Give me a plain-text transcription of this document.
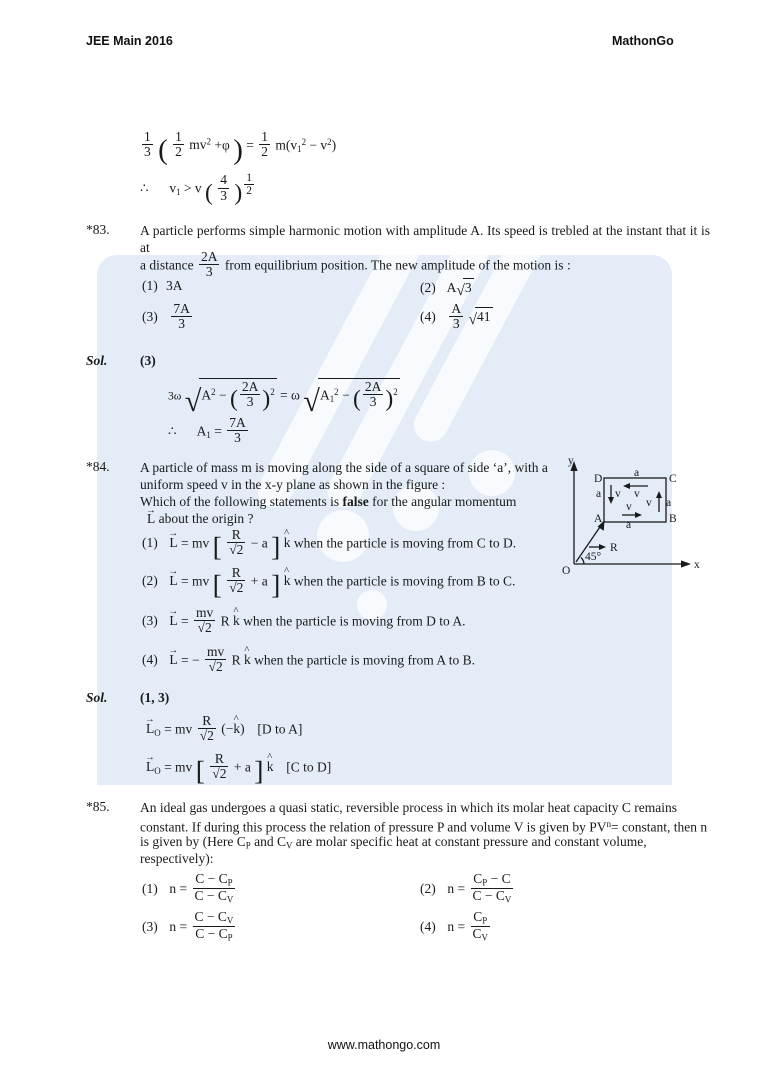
JEE Main 2016	MathonGo
$\frac{1}{3}$ ( $\frac{1}{2} mv^2 +\varphi$ ) = $\frac{1}{2} m(v_1^2 - v^2)$
∴ $v_1 > v$ ( $\frac{4}{3}$ ) $^{\frac{1}{2}}$
*83. A particle performs simple harmonic motion with amplitude A. Its speed is trebled at the instant that it is at
a distance $\frac{2A}{3}$ from equilibrium position. The new amplitude of the motion is :
(1) 3A	(2) A√3
$(3) \frac{7A}{3}$	$(4) \frac{A}{3} √41$
Sol. (3)
3ω $√A^2$ − ( $\frac{2A}{3} )^2 = \omega$ $√A_1^2$ − ( $\frac{2A}{3} )^2$
∴ $A_1 = \frac{7A}{3}$
*84. A particle of mass m is moving along the side of a square of side ‘a’, with a
uniform speed v in the x-y plane as shown in the figure :
Which of the following statements is false for the angular momentum
L → about the origin ?
y
x
O
45°
R
D	C
A	B
a
v
a v
v
a
v a
(1) L → = mv [ $\frac{R}{√2} - a$ ] k ^ when the particle is moving from C to D.
(2) L → = mv [ $\frac{R}{√2} + a$ ] k ^ when the particle is moving from B to C.
(3) L → = $\frac{mv}{√2}$ R k ^ when the particle is moving from D to A.
(4) L → = − $\frac{mv}{√2}$ R k ^ when the particle is moving from A to B.
Sol. (1, 3)
$L \to_O$ = mv $\frac{R}{√2} (-k$ ^) [D to A]
$L \to_O$ = mv [ $\frac{R}{√2} + a$ ] k ^ [C to D]
*85. An ideal gas undergoes a quasi static, reversible process in which its molar heat capacity C remains
constant. If during this process the relation of pressure P and volume V is given by $PV^n=$ constant, then n
is given by (Here $C_P$ and $C_V$ are molar specific heat at constant pressure and constant volume,
respectively):
(1) $n = \frac{C - C_P}{C - C_V}$	(2) $n = \frac{C_P - C}{C - C_V}$
(3) $n = \frac{C - C_V}{C - C_P}$	(4) $n = \frac{C_P}{C_V}$
www.mathongo.com
